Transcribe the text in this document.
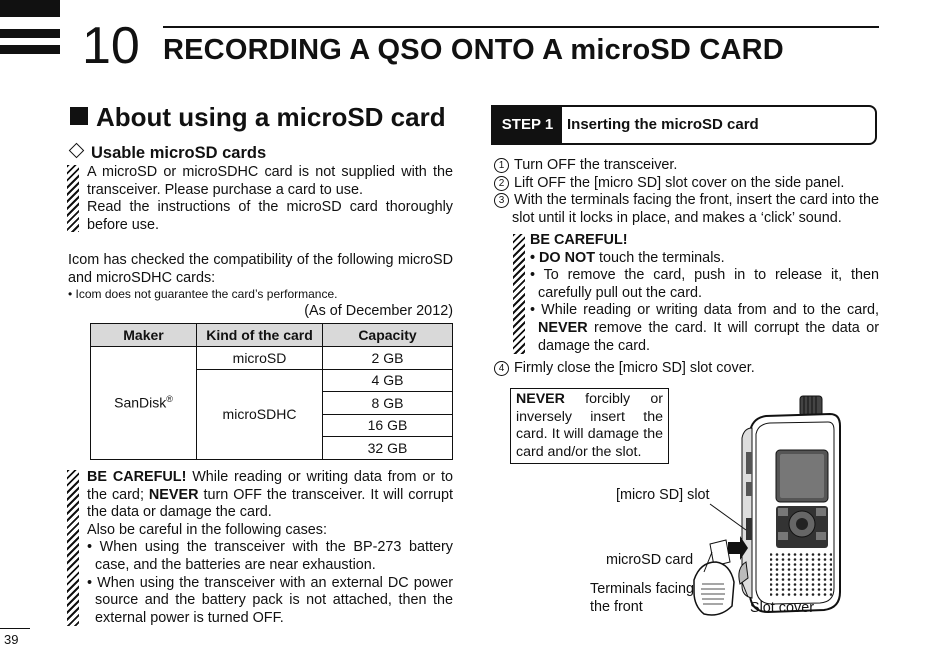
10 RECORDING A QSO ONTO A microSD CARD
About using a microSD card
Usable microSD cards
A microSD or microSDHC card is not supplied with the transceiver. Please purchase a card to use.
Read the instructions of the microSD card thoroughly before use.
Icom has checked the compatibility of the following microSD and microSDHC cards:
• Icom does not guarantee the card’s performance.
(As of December 2012)
Maker	Kind of the card	Capacity
SanDisk®	microSD	2 GB
	microSDHC	4 GB
		8 GB
		16 GB
		32 GB
BE CAREFUL! While reading or writing data from or to the card; NEVER turn OFF the transceiver. It will corrupt the data or damage the card.
Also be careful in the following cases:
• When using the transceiver with the BP-273 battery case, and the batteries are near exhaustion.
• When using the transceiver with an external DC power source and the battery pack is not attached, then the external power is turned OFF.
39
STEP 1 Inserting the microSD card
1 Turn OFF the transceiver.
2 Lift OFF the [micro SD] slot cover on the side panel.
3 With the terminals facing the front, insert the card into the slot until it locks in place, and makes a ‘click’ sound.
BE CAREFUL!
• DO NOT touch the terminals.
• To remove the card, push in to release it, then carefully pull out the card.
• While reading or writing data from and to the card, NEVER remove the card. It will corrupt the data or damage the card.
4 Firmly close the [micro SD] slot cover.
NEVER forcibly or inversely insert the card. It will damage the card and/or the slot.
[micro SD] slot
microSD card
Terminals facing the front	Slot cover
